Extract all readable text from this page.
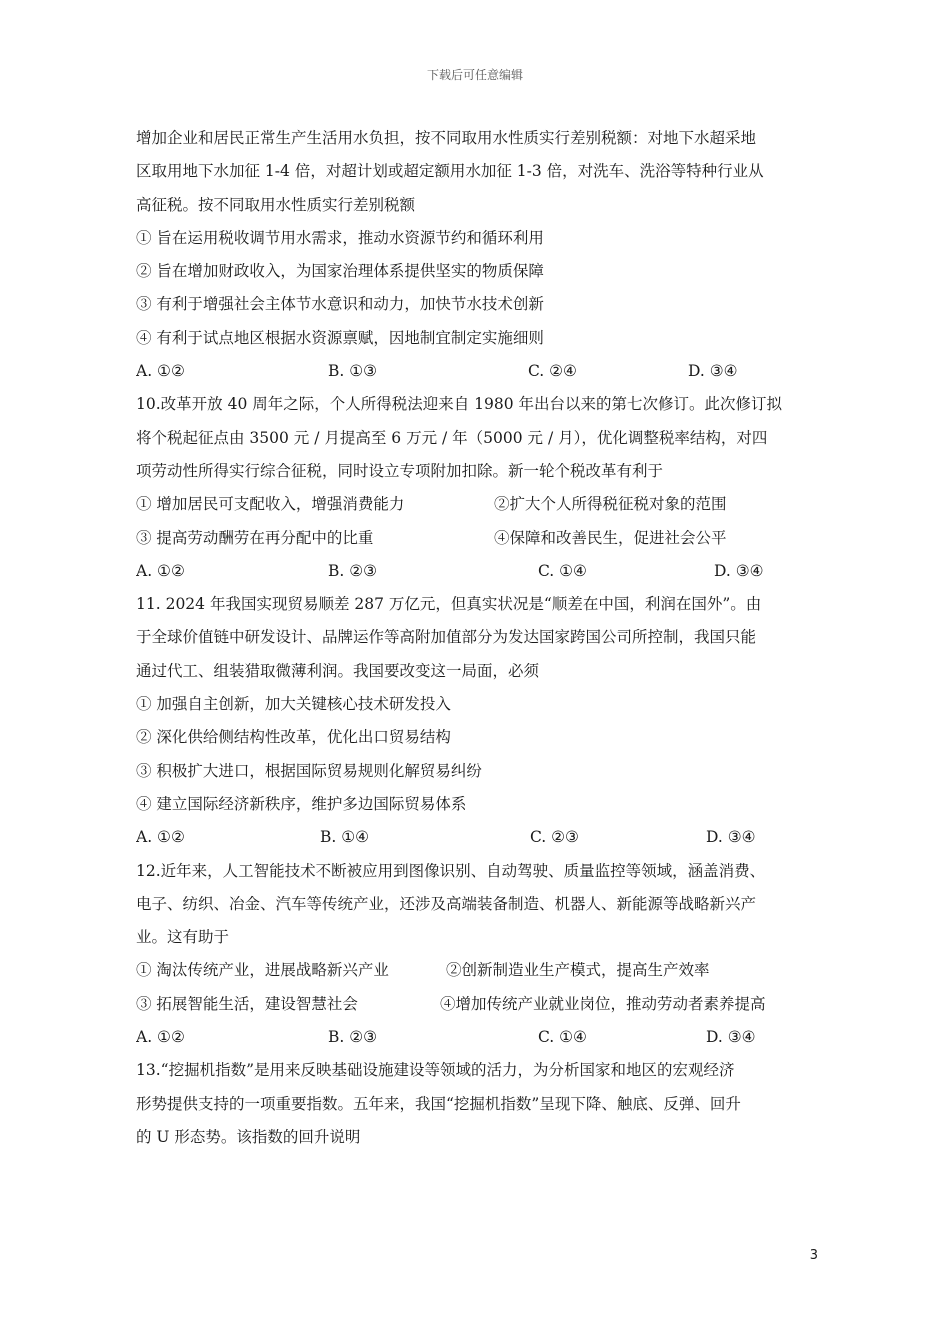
下载后可任意编辑
增加企业和居民正常生产生活用水负担，按不同取用水性质实行差别税额：对地下水超采地
区取用地下水加征 1-4 倍，对超计划或超定额用水加征 1-3 倍，对洗车、洗浴等特种行业从
高征税。按不同取用水性质实行差别税额
① 旨在运用税收调节用水需求，推动水资源节约和循环利用
② 旨在增加财政收入，为国家治理体系提供坚实的物质保障
③ 有利于增强社会主体节水意识和动力，加快节水技术创新
④ 有利于试点地区根据水资源禀赋，因地制宜制定实施细则
A. ①②	B. ①③	C. ②④	D. ③④
10.改革开放 40 周年之际，个人所得税法迎来自 1980 年出台以来的第七次修订。此次修订拟
将个税起征点由 3500 元 / 月提高至 6 万元 / 年（5000 元 / 月），优化调整税率结构，对四
项劳动性所得实行综合征税，同时设立专项附加扣除。新一轮个税改革有利于
① 增加居民可支配收入，增强消费能力	②扩大个人所得税征税对象的范围
③ 提高劳动酬劳在再分配中的比重	④保障和改善民生，促进社会公平
A. ①②	B. ②③	C. ①④	D. ③④
11. 2024 年我国实现贸易顺差 287 万亿元，但真实状况是“顺差在中国，利润在国外”。由
于全球价值链中研发设计、品牌运作等高附加值部分为发达国家跨国公司所控制，我国只能
通过代工、组装猎取微薄利润。我国要改变这一局面，必须
① 加强自主创新，加大关键核心技术研发投入
② 深化供给侧结构性改革，优化出口贸易结构
③ 积极扩大进口，根据国际贸易规则化解贸易纠纷
④ 建立国际经济新秩序，维护多边国际贸易体系
A. ①②	B. ①④	C. ②③	D. ③④
12.近年来，人工智能技术不断被应用到图像识别、自动驾驶、质量监控等领域，涵盖消费、
电子、纺织、冶金、汽车等传统产业，还涉及高端装备制造、机器人、新能源等战略新兴产
业。这有助于
① 淘汰传统产业，进展战略新兴产业	②创新制造业生产模式，提高生产效率
③ 拓展智能生活，建设智慧社会	④增加传统产业就业岗位，推动劳动者素养提高
A. ①②	B. ②③	C. ①④	D. ③④
13.“挖掘机指数”是用来反映基础设施建设等领域的活力，为分析国家和地区的宏观经济
形势提供支持的一项重要指数。五年来，我国“挖掘机指数”呈现下降、触底、反弹、回升
的 U 形态势。该指数的回升说明
3
